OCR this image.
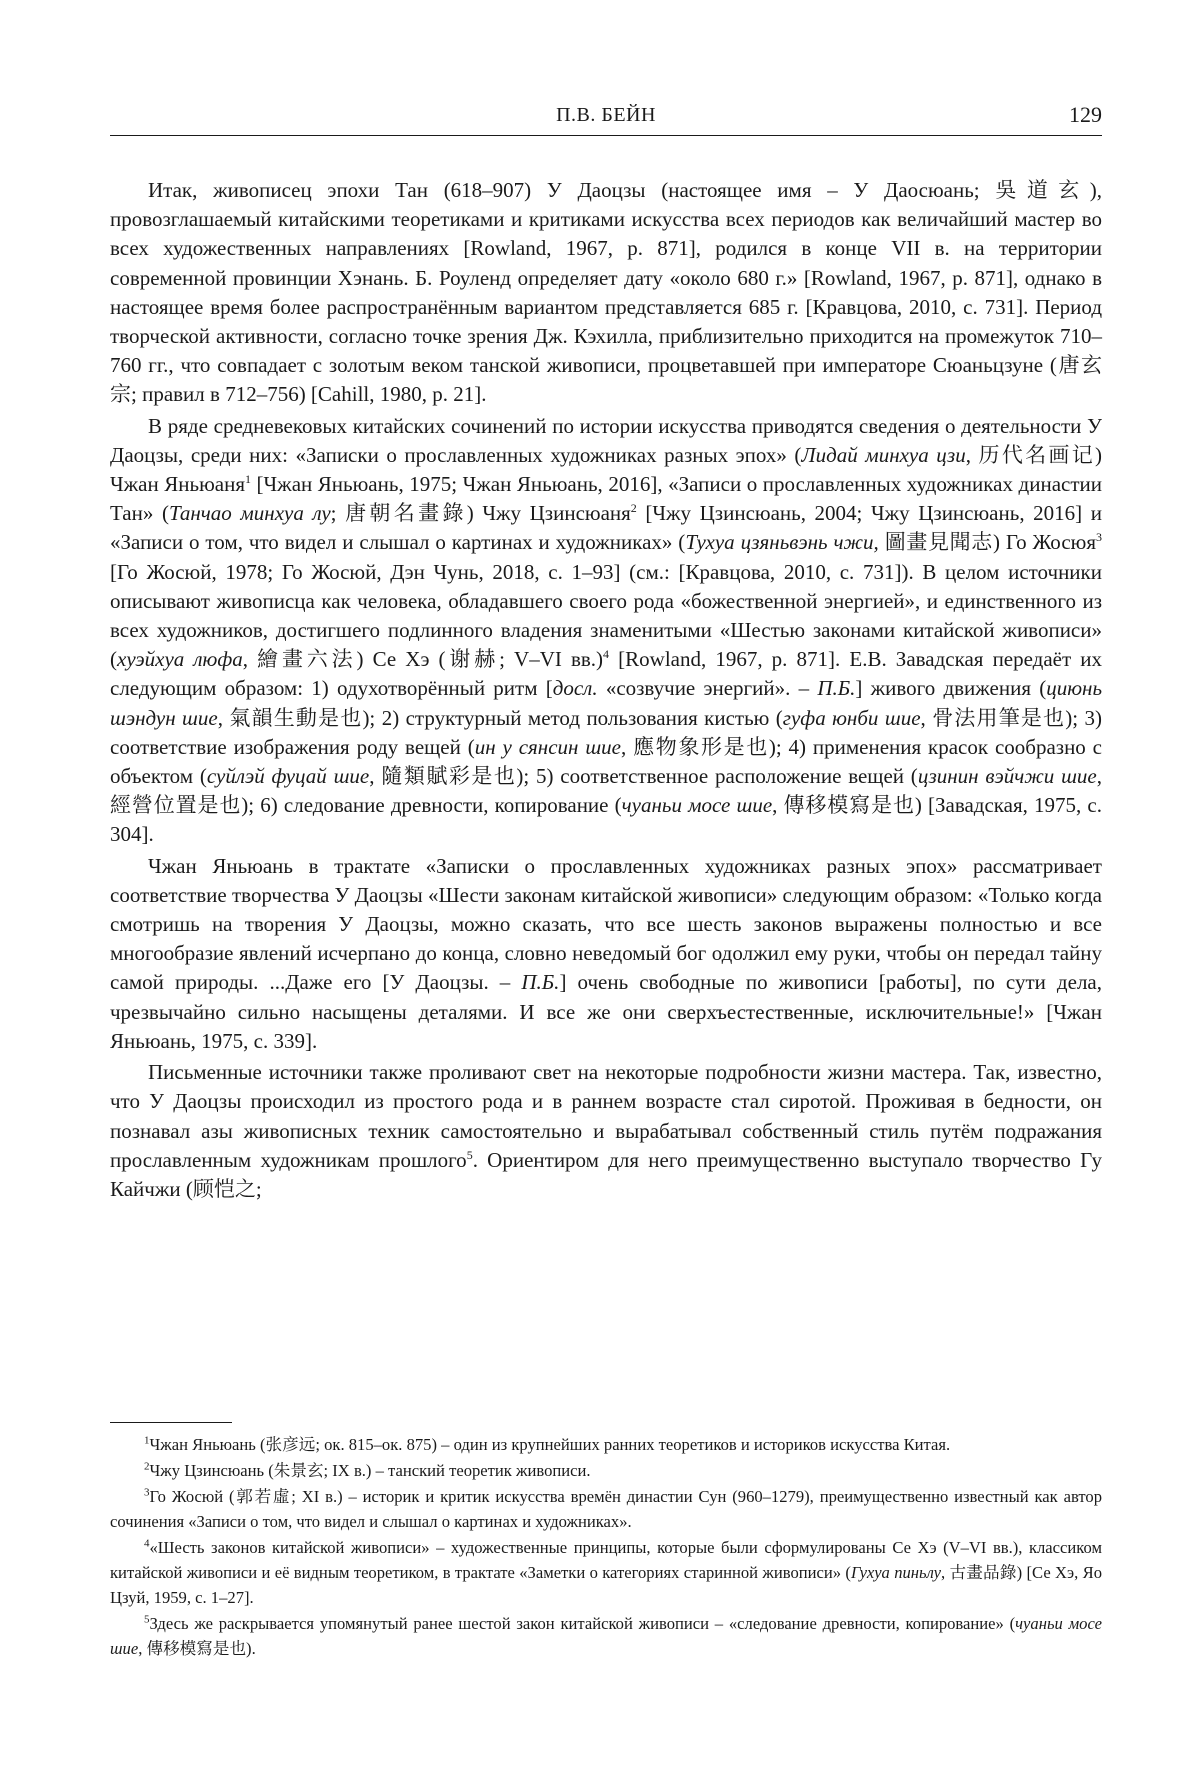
П.В. БЕЙН	129

Итак, живописец эпохи Тан (618–907) У Даоцзы (настоящее имя – У Даосюань; 吳道玄), провозглашаемый китайскими теоретиками и критиками искусства всех периодов как величайший мастер во всех художественных направлениях [Rowland, 1967, p. 871], родился в конце VII в. на территории современной провинции Хэнань. Б. Роуленд определяет дату «около 680 г.» [Rowland, 1967, p. 871], однако в настоящее время более распространённым вариантом представляется 685 г. [Кравцова, 2010, с. 731]. Период творческой активности, согласно точке зрения Дж. Кэхилла, приблизительно приходится на промежуток 710–760 гг., что совпадает с золотым веком танской живописи, процветавшей при императоре Сюаньцзуне (唐玄宗; правил в 712–756) [Cahill, 1980, p. 21].

В ряде средневековых китайских сочинений по истории искусства приводятся сведения о деятельности У Даоцзы, среди них: «Записки о прославленных художниках разных эпох» (Лидай минхуа цзи, 历代名画记) Чжан Яньюаня1 [Чжан Яньюань, 1975; Чжан Яньюань, 2016], «Записи о прославленных художниках династии Тан» (Танчао минхуа лу; 唐朝名畫錄) Чжу Цзинсюаня2 [Чжу Цзинсюань, 2004; Чжу Цзинсюань, 2016] и «Записи о том, что видел и слышал о картинах и художниках» (Тухуа цзяньвэнь чжи, 圖畫見聞志) Го Жосюя3 [Го Жосюй, 1978; Го Жосюй, Дэн Чунь, 2018, с. 1–93] (см.: [Кравцова, 2010, с. 731]). В целом источники описывают живописца как человека, обладавшего своего рода «божественной энергией», и единственного из всех художников, достигшего подлинного владения знаменитыми «Шестью законами китайской живописи» (хуэйхуа люфа, 繪畫六法) Се Хэ (谢赫; V–VI вв.)4 [Rowland, 1967, p. 871]. Е.В. Завадская передаёт их следующим образом: 1) одухотворённый ритм [досл. «созвучие энергий». – П.Б.] живого движения (циюнь шэндун шие, 氣韻生動是也); 2) структурный метод пользования кистью (гуфа юнби шие, 骨法用筆是也); 3) соответствие изображения роду вещей (ин у сянсин шие, 應物象形是也); 4) применения красок сообразно с объектом (суйлэй фуцай шие, 隨類賦彩是也); 5) соответственное расположение вещей (цзинин вэйчжи шие, 經營位置是也); 6) следование древности, копирование (чуаньи мосе шие, 傳移模寫是也) [Завадская, 1975, с. 304].

Чжан Яньюань в трактате «Записки о прославленных художниках разных эпох» рассматривает соответствие творчества У Даоцзы «Шести законам китайской живописи» следующим образом: «Только когда смотришь на творения У Даоцзы, можно сказать, что все шесть законов выражены полностью и все многообразие явлений исчерпано до конца, словно неведомый бог одолжил ему руки, чтобы он передал тайну самой природы. ...Даже его [У Даоцзы. – П.Б.] очень свободные по живописи [работы], по сути дела, чрезвычайно сильно насыщены деталями. И все же они сверхъестественные, исключительные!» [Чжан Яньюань, 1975, с. 339].

Письменные источники также проливают свет на некоторые подробности жизни мастера. Так, известно, что У Даоцзы происходил из простого рода и в раннем возрасте стал сиротой. Проживая в бедности, он познавал азы живописных техник самостоятельно и вырабатывал собственный стиль путём подражания прославленным художникам прошлого5. Ориентиром для него преимущественно выступало творчество Гу Кайчжи (顾恺之;

1Чжан Яньюань (张彦远; ок. 815–ок. 875) – один из крупнейших ранних теоретиков и историков искусства Китая.

2Чжу Цзинсюань (朱景玄; IX в.) – танский теоретик живописи.

3Го Жосюй (郭若虛; XI в.) – историк и критик искусства времён династии Сун (960–1279), преимущественно известный как автор сочинения «Записи о том, что видел и слышал о картинах и художниках».

4«Шесть законов китайской живописи» – художественные принципы, которые были сформулированы Се Хэ (V–VI вв.), классиком китайской живописи и её видным теоретиком, в трактате «Заметки о категориях старинной живописи» (Гухуа пиньлу, 古畫品錄) [Се Хэ, Яо Цзуй, 1959, с. 1–27].

5Здесь же раскрывается упомянутый ранее шестой закон китайской живописи – «следование древности, копирование» (чуаньи мосе шие, 傳移模寫是也).
